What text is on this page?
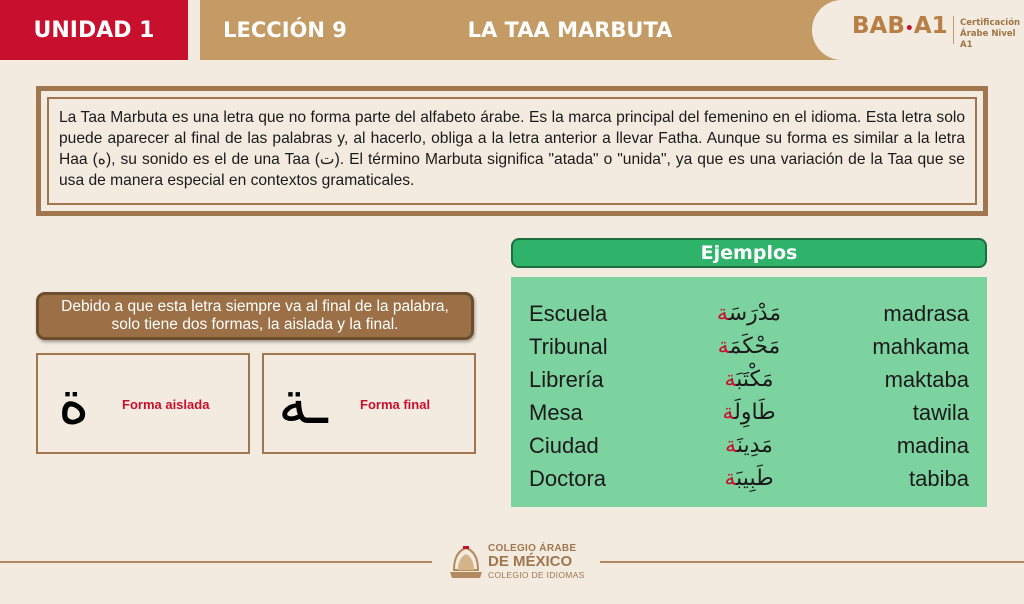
UNIDAD 1	LECCIÓN 9	LA TAA MARBUTA	BAB•A1 Certificación
Árabe Nivel A1

La Taa Marbuta es una letra que no forma parte del alfabeto árabe. Es la marca principal del femenino en el idioma. Esta letra solo puede aparecer al final de las palabras y, al hacerlo, obliga a la letra anterior a llevar Fatha. Aunque su forma es similar a la letra Haa (ه), su sonido es el de una Taa (ت). El término Marbuta significa "atada" o "unida", ya que es una variación de la Taa que se usa de manera especial en contextos gramaticales.

Debido a que esta letra siempre va al final de la palabra, solo tiene dos formas, la aislada y la final.
ة	Forma aislada ـة Forma final
Ejemplos
Escuela	مَدْرَسَة	madrasa
Tribunal	مَحْكَمَة	mahkama
Librería	مَكْتَبَة	maktaba
Mesa	طَاوِلَة	tawila
Ciudad	مَدِينَة	madina
Doctora	طَبِيبَة	tabiba
COLEGIO ÁRABE
DE MÉXICO
COLEGIO DE IDIOMAS
